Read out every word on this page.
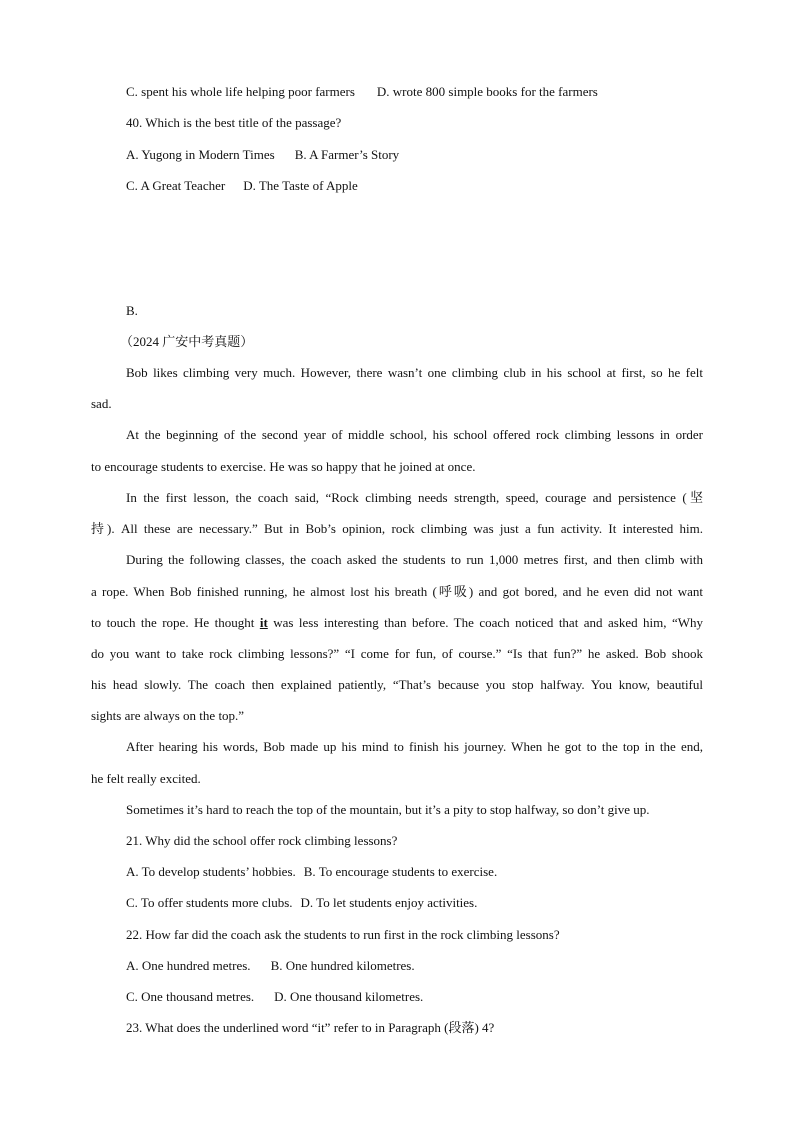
C. spent his whole life helping poor farmers D. wrote 800 simple books for the farmers
40. Which is the best title of the passage?
A. Yugong in Modern Times B. A Farmer’s Story
C. A Great Teacher D. The Taste of Apple
B.
（2024 广安中考真题）
Bob likes climbing very much. However, there wasn’t one climbing club in his school at first, so he felt
sad.
At the beginning of the second year of middle school, his school offered rock climbing lessons in order
to encourage students to exercise. He was so happy that he joined at once.
In the first lesson, the coach said, “Rock climbing needs strength, speed, courage and persistence (坚
持). All these are necessary.” But in Bob’s opinion, rock climbing was just a fun activity. It interested him.
During the following classes, the coach asked the students to run 1,000 metres first, and then climb with
a rope. When Bob finished running, he almost lost his breath (呼吸) and got bored, and he even did not want
to touch the rope. He thought it was less interesting than before. The coach noticed that and asked him, “Why
do you want to take rock climbing lessons?” “I come for fun, of course.” “Is that fun?” he asked. Bob shook
his head slowly. The coach then explained patiently, “That’s because you stop halfway. You know, beautiful
sights are always on the top.”
After hearing his words, Bob made up his mind to finish his journey. When he got to the top in the end,
he felt really excited.
Sometimes it’s hard to reach the top of the mountain, but it’s a pity to stop halfway, so don’t give up.
21. Why did the school offer rock climbing lessons?
A. To develop students’ hobbies. B. To encourage students to exercise.
C. To offer students more clubs. D. To let students enjoy activities.
22. How far did the coach ask the students to run first in the rock climbing lessons?
A. One hundred metres. B. One hundred kilometres.
C. One thousand metres. D. One thousand kilometres.
23. What does the underlined word “it” refer to in Paragraph (段落) 4?
